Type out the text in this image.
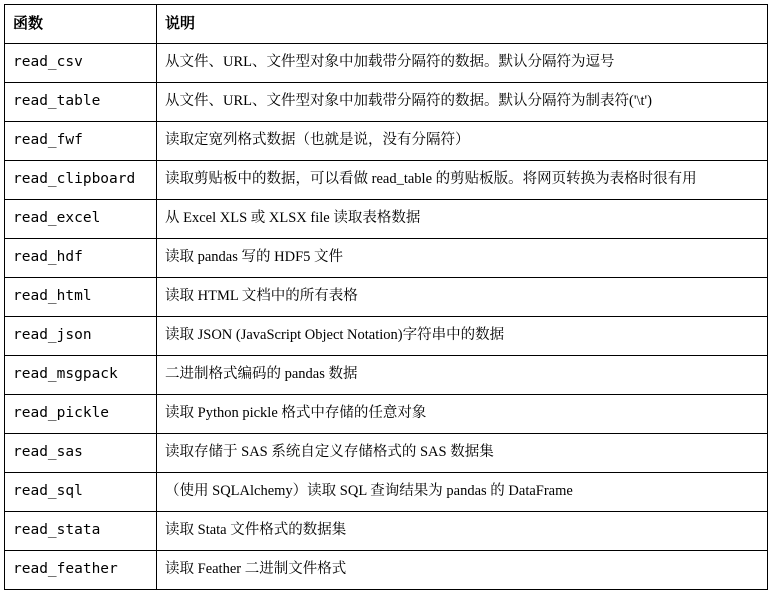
函数	说明
read_csv	从文件、URL、文件型对象中加载带分隔符的数据。默认分隔符为逗号
read_table	从文件、URL、文件型对象中加载带分隔符的数据。默认分隔符为制表符('\t')
read_fwf	读取定宽列格式数据（也就是说，没有分隔符）
read_clipboard	读取剪贴板中的数据，可以看做 read_table 的剪贴板版。将网页转换为表格时很有用
read_excel	从 Excel XLS 或 XLSX file 读取表格数据
read_hdf	读取 pandas 写的 HDF5 文件
read_html	读取 HTML 文档中的所有表格
read_json	读取 JSON (JavaScript Object Notation)字符串中的数据
read_msgpack	二进制格式编码的 pandas 数据
read_pickle	读取 Python pickle 格式中存储的任意对象
read_sas	读取存储于 SAS 系统自定义存储格式的 SAS 数据集
read_sql	（使用 SQLAlchemy）读取 SQL 查询结果为 pandas 的 DataFrame
read_stata	读取 Stata 文件格式的数据集
read_feather	读取 Feather 二进制文件格式
